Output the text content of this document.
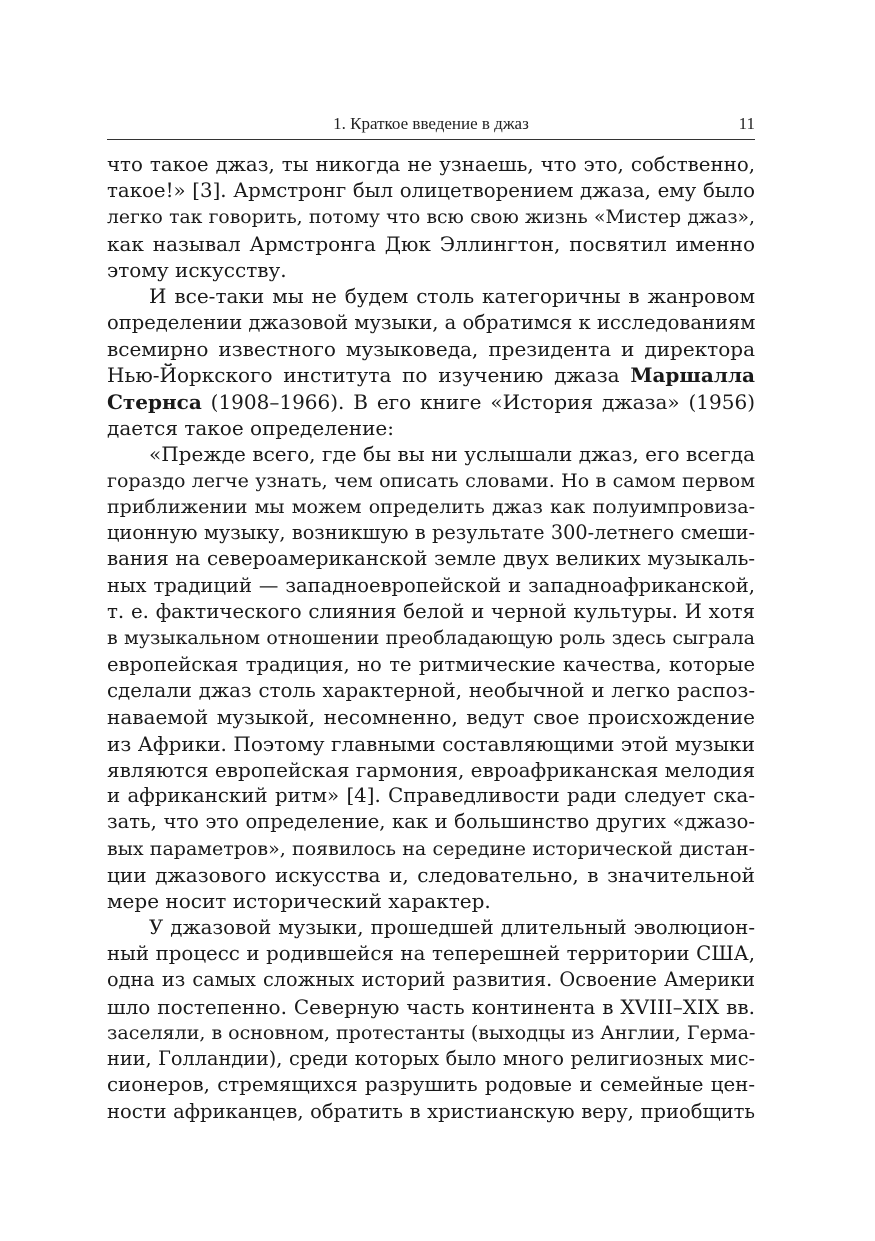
1. Краткое введение в джаз	11
что такое джаз, ты никогда не узнаешь, что это, собственно,
такое!» [3]. Армстронг был олицетворением джаза, ему было
легко так говорить, потому что всю свою жизнь «Мистер джаз»,
как называл Армстронга Дюк Эллингтон, посвятил именно
этому искусству.
И все-таки мы не будем столь категоричны в жанровом
определении джазовой музыки, а обратимся к исследованиям
всемирно известного музыковеда, президента и директора
Нью-Йоркского института по изучению джаза Маршалла
Стернса (1908–1966). В его книге «История джаза» (1956)
дается такое определение:
«Прежде всего, где бы вы ни услышали джаз, его всегда
гораздо легче узнать, чем описать словами. Но в самом первом
приближении мы можем определить джаз как полуимпровиза-
ционную музыку, возникшую в результате 300-летнего смеши-
вания на североамериканской земле двух великих музыкаль-
ных традиций — западноевропейской и западноафриканской,
т. е. фактического слияния белой и черной культуры. И хотя
в музыкальном отношении преобладающую роль здесь сыграла
европейская традиция, но те ритмические качества, которые
сделали джаз столь характерной, необычной и легко распоз-
наваемой музыкой, несомненно, ведут свое происхождение
из Африки. Поэтому главными составляющими этой музыки
являются европейская гармония, евроафриканская мелодия
и африканский ритм» [4]. Справедливости ради следует ска-
зать, что это определение, как и большинство других «джазо-
вых параметров», появилось на середине исторической дистан-
ции джазового искусства и, следовательно, в значительной
мере носит исторический характер.
У джазовой музыки, прошедшей длительный эволюцион-
ный процесс и родившейся на теперешней территории США,
одна из самых сложных историй развития. Освоение Америки
шло постепенно. Северную часть континента в XVIII–XIX вв.
заселяли, в основном, протестанты (выходцы из Англии, Герма-
нии, Голландии), среди которых было много религиозных мис-
сионеров, стремящихся разрушить родовые и семейные цен-
ности африканцев, обратить в христианскую веру, приобщить
